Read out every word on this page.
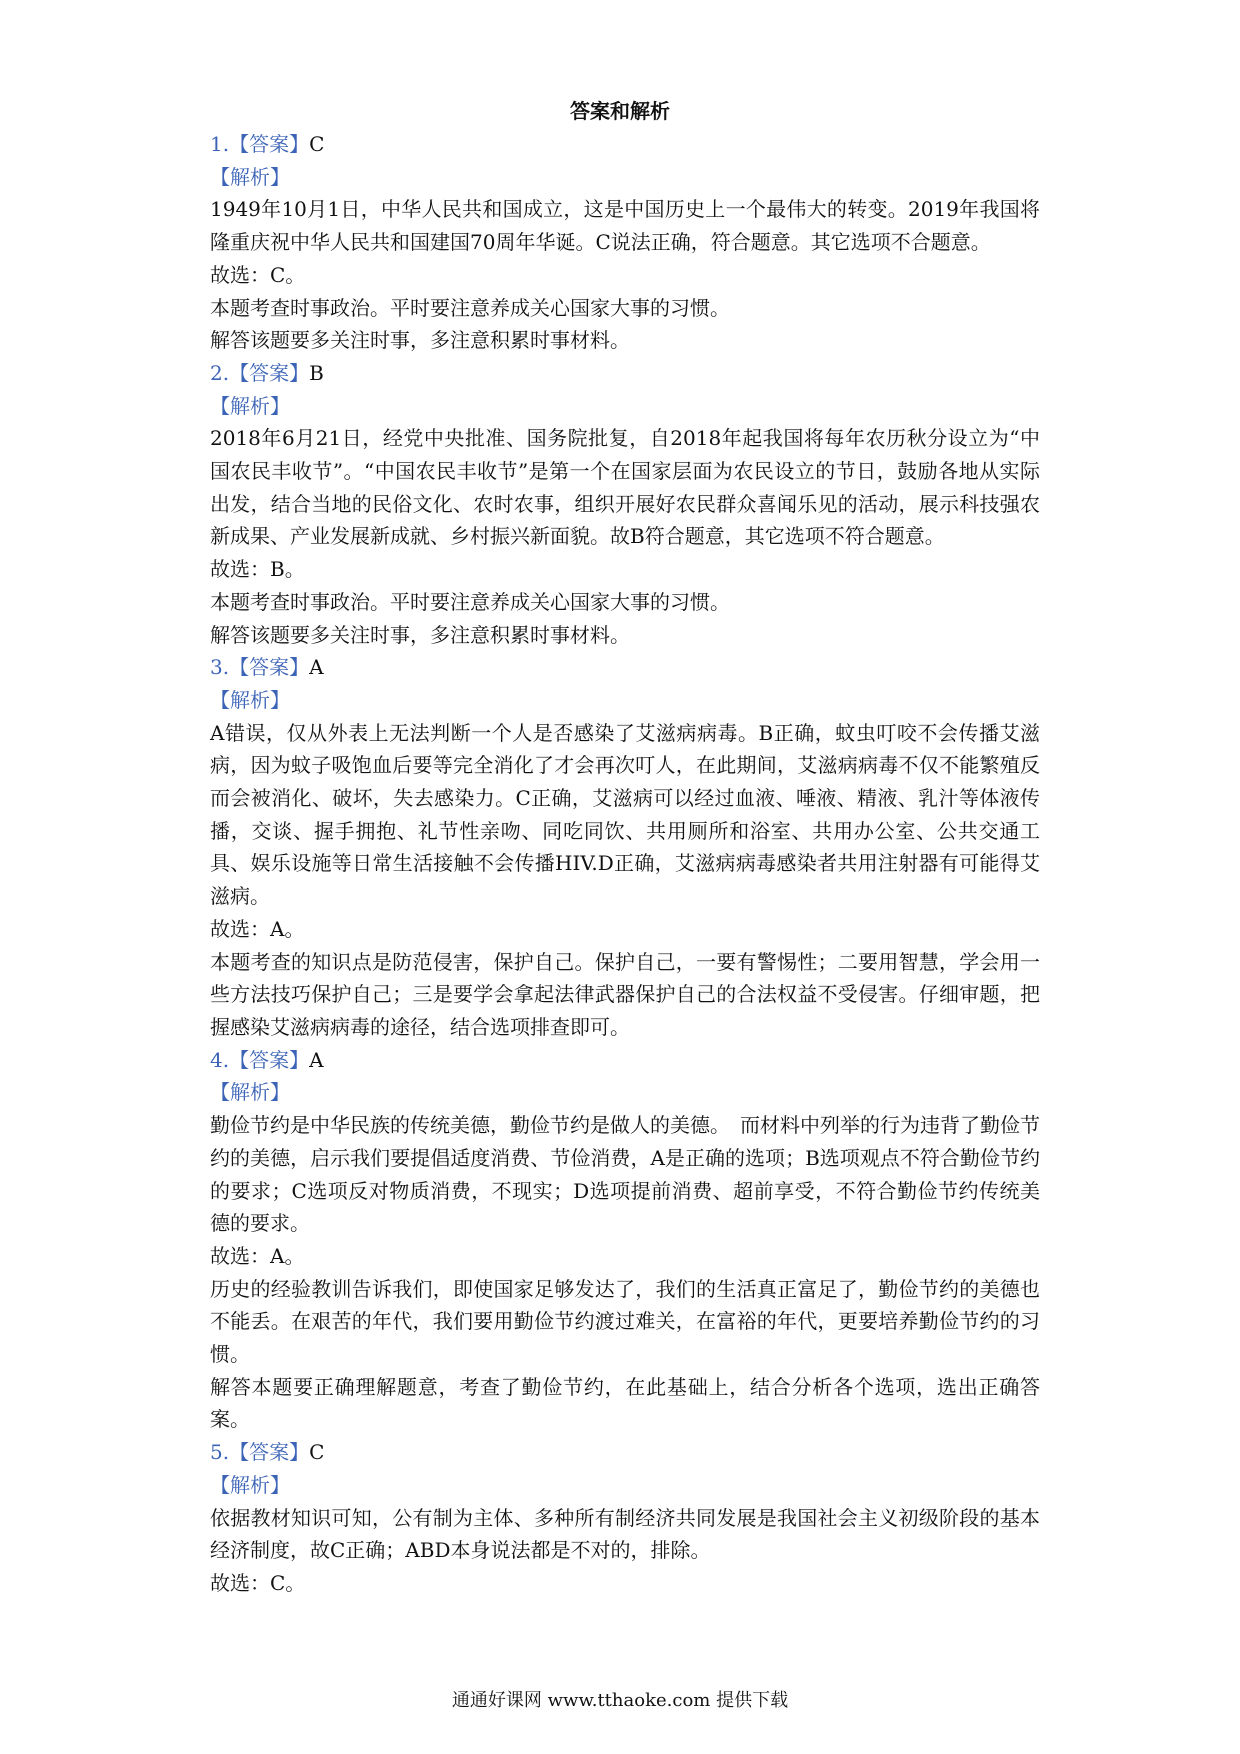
答案和解析

1.【答案】C

【解析】

1949年10月1日，中华人民共和国成立，这是中国历史上一个最伟大的转变。2019年我国将隆重庆祝中华人民共和国建国70周年华诞。C说法正确，符合题意。其它选项不合题意。

故选：C。

本题考查时事政治。平时要注意养成关心国家大事的习惯。

解答该题要多关注时事，多注意积累时事材料。

2.【答案】B

【解析】

2018年6月21日，经党中央批准、国务院批复，自2018年起我国将每年农历秋分设立为“中国农民丰收节”。“中国农民丰收节”是第一个在国家层面为农民设立的节日，鼓励各地从实际出发，结合当地的民俗文化、农时农事，组织开展好农民群众喜闻乐见的活动，展示科技强农新成果、产业发展新成就、乡村振兴新面貌。故B符合题意，其它选项不符合题意。

故选：B。

本题考查时事政治。平时要注意养成关心国家大事的习惯。

解答该题要多关注时事，多注意积累时事材料。

3.【答案】A

【解析】

A错误，仅从外表上无法判断一个人是否感染了艾滋病病毒。B正确，蚊虫叮咬不会传播艾滋病，因为蚊子吸饱血后要等完全消化了才会再次叮人，在此期间，艾滋病病毒不仅不能繁殖反而会被消化、破坏，失去感染力。C正确，艾滋病可以经过血液、唾液、精液、乳汁等体液传播，交谈、握手拥抱、礼节性亲吻、同吃同饮、共用厕所和浴室、共用办公室、公共交通工具、娱乐设施等日常生活接触不会传播HIV.D正确，艾滋病病毒感染者共用注射器有可能得艾滋病。

故选：A。

本题考查的知识点是防范侵害，保护自己。保护自己，一要有警惕性；二要用智慧，学会用一些方法技巧保护自己；三是要学会拿起法律武器保护自己的合法权益不受侵害。仔细审题，把握感染艾滋病病毒的途径，结合选项排查即可。

4.【答案】A

【解析】

勤俭节约是中华民族的传统美德，勤俭节约是做人的美德。　而材料中列举的行为违背了勤俭节约的美德，启示我们要提倡适度消费、节俭消费，A是正确的选项；B选项观点不符合勤俭节约的要求；C选项反对物质消费，不现实；D选项提前消费、超前享受，不符合勤俭节约传统美德的要求。

故选：A。

历史的经验教训告诉我们，即使国家足够发达了，我们的生活真正富足了，勤俭节约的美德也不能丢。在艰苦的年代，我们要用勤俭节约渡过难关，在富裕的年代，更要培养勤俭节约的习惯。

解答本题要正确理解题意，考查了勤俭节约，在此基础上，结合分析各个选项，选出正确答案。

5.【答案】C

【解析】

依据教材知识可知，公有制为主体、多种所有制经济共同发展是我国社会主义初级阶段的基本经济制度，故C正确；ABD本身说法都是不对的，排除。

故选：C。

通通好课网 www.tthaoke.com 提供下载
